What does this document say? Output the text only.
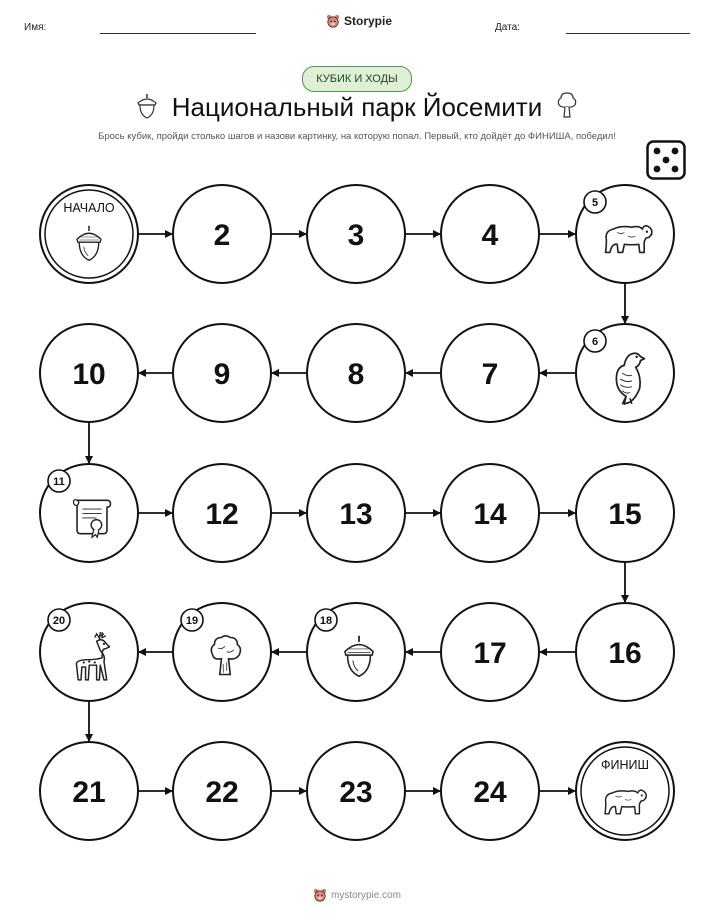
Имя:	Storypie	Дата:
КУБИК И ХОДЫ
Национальный парк Йосемити
Брось кубик, пройди столько шагов и назови картинку, на которую попал. Первый, кто дойдёт до ФИНИША, победил!
НАЧАЛО
2	3	4
5
6
7
8
9
10
11
12	13	14	15
16
17
18
19
20
21	22	23	24
ФИНИШ
mystorypie.com
